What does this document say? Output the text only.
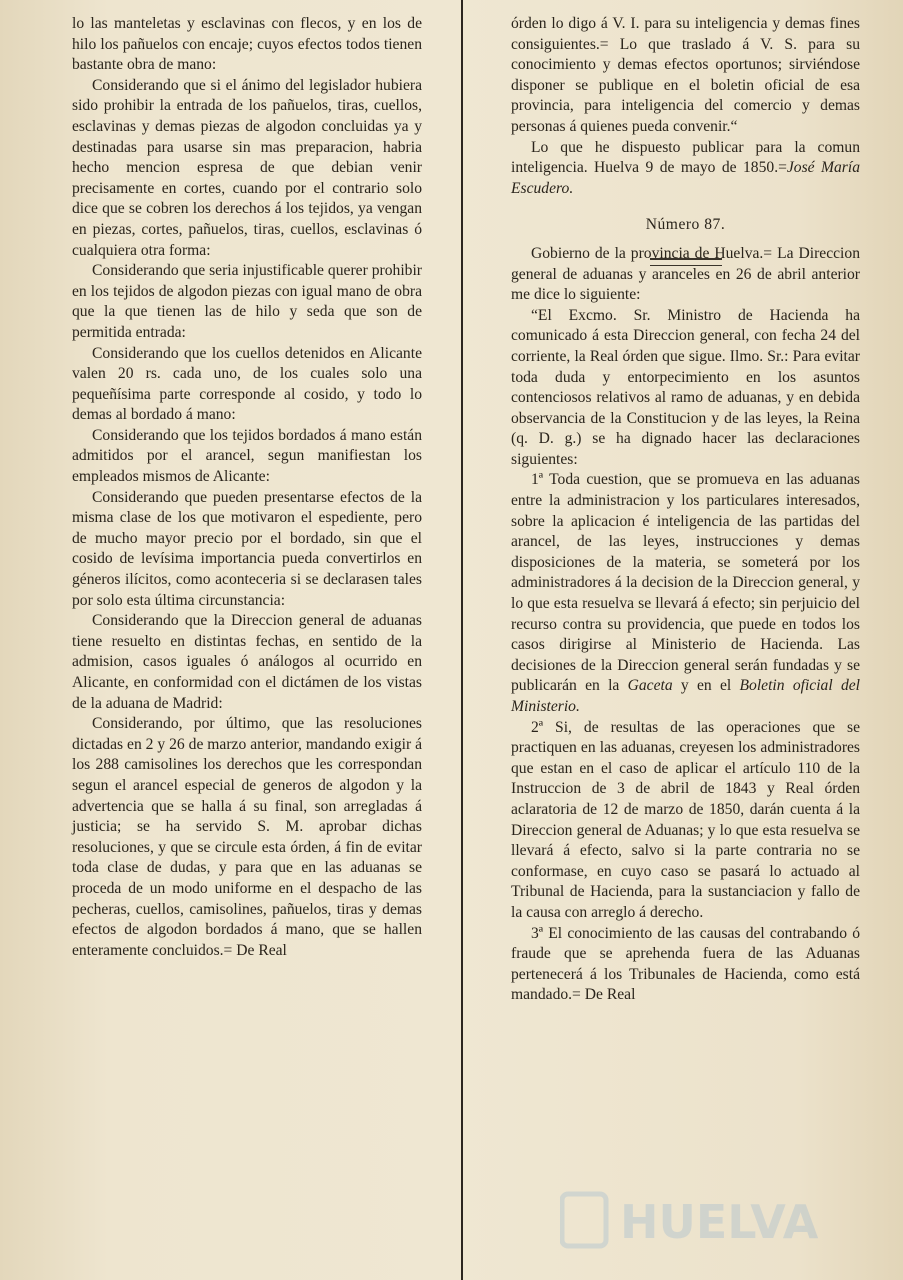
lo las manteletas y esclavinas con flecos, y en los de hilo los pañuelos con encaje; cuyos efectos todos tienen bastante obra de mano:

Considerando que si el ánimo del legislador hubiera sido prohibir la entrada de los pañuelos, tiras, cuellos, esclavinas y demas piezas de algodon concluidas ya y destinadas para usarse sin mas preparacion, habria hecho mencion espresa de que debian venir precisamente en cortes, cuando por el contrario solo dice que se cobren los derechos á los tejidos, ya vengan en piezas, cortes, pañuelos, tiras, cuellos, esclavinas ó cualquiera otra forma:

Considerando que seria injustificable querer prohibir en los tejidos de algodon piezas con igual mano de obra que la que tienen las de hilo y seda que son de permitida entrada:

Considerando que los cuellos detenidos en Alicante valen 20 rs. cada uno, de los cuales solo una pequeñísima parte corresponde al cosido, y todo lo demas al bordado á mano:

Considerando que los tejidos bordados á mano están admitidos por el arancel, segun manifiestan los empleados mismos de Alicante:

Considerando que pueden presentarse efectos de la misma clase de los que motivaron el espediente, pero de mucho mayor precio por el bordado, sin que el cosido de levísima importancia pueda convertirlos en géneros ilícitos, como aconteceria si se declarasen tales por solo esta última circunstancia:

Considerando que la Direccion general de aduanas tiene resuelto en distintas fechas, en sentido de la admision, casos iguales ó análogos al ocurrido en Alicante, en conformidad con el dictámen de los vistas de la aduana de Madrid:

Considerando, por último, que las resoluciones dictadas en 2 y 26 de marzo anterior, mandando exigir á los 288 camisolines los derechos que les correspondan segun el arancel especial de generos de algodon y la advertencia que se halla á su final, son arregladas á justicia; se ha servido S. M. aprobar dichas resoluciones, y que se circule esta órden, á fin de evitar toda clase de dudas, y para que en las aduanas se proceda de un modo uniforme en el despacho de las pecheras, cuellos, camisolines, pañuelos, tiras y demas efectos de algodon bordados á mano, que se hallen enteramente concluidos.= De Real

órden lo digo á V. I. para su inteligencia y demas fines consiguientes.= Lo que traslado á V. S. para su conocimiento y demas efectos oportunos; sirviéndose disponer se publique en el boletin oficial de esa provincia, para inteligencia del comercio y demas personas á quienes pueda convenir.“

Lo que he dispuesto publicar para la comun inteligencia. Huelva 9 de mayo de 1850.=José María Escudero.

Número 87.

Gobierno de la provincia de Huelva.= La Direccion general de aduanas y aranceles en 26 de abril anterior me dice lo siguiente:

“El Excmo. Sr. Ministro de Hacienda ha comunicado á esta Direccion general, con fecha 24 del corriente, la Real órden que sigue. Ilmo. Sr.: Para evitar toda duda y entorpecimiento en los asuntos contenciosos relativos al ramo de aduanas, y en debida observancia de la Constitucion y de las leyes, la Reina (q. D. g.) se ha dignado hacer las declaraciones siguientes:

1ª Toda cuestion, que se promueva en las aduanas entre la administracion y los particulares interesados, sobre la aplicacion é inteligencia de las partidas del arancel, de las leyes, instrucciones y demas disposiciones de la materia, se someterá por los administradores á la decision de la Direccion general, y lo que esta resuelva se llevará á efecto; sin perjuicio del recurso contra su providencia, que puede en todos los casos dirigirse al Ministerio de Hacienda. Las decisiones de la Direccion general serán fundadas y se publicarán en la Gaceta y en el Boletin oficial del Ministerio.

2ª Si, de resultas de las operaciones que se practiquen en las aduanas, creyesen los administradores que estan en el caso de aplicar el artículo 110 de la Instruccion de 3 de abril de 1843 y Real órden aclaratoria de 12 de marzo de 1850, darán cuenta á la Direccion general de Aduanas; y lo que esta resuelva se llevará á efecto, salvo si la parte contraria no se conformase, en cuyo caso se pasará lo actuado al Tribunal de Hacienda, para la sustanciacion y fallo de la causa con arreglo á derecho.

3ª El conocimiento de las causas del contrabando ó fraude que se aprehenda fuera de las Aduanas pertenecerá á los Tribunales de Hacienda, como está mandado.= De Real

HUELVA
